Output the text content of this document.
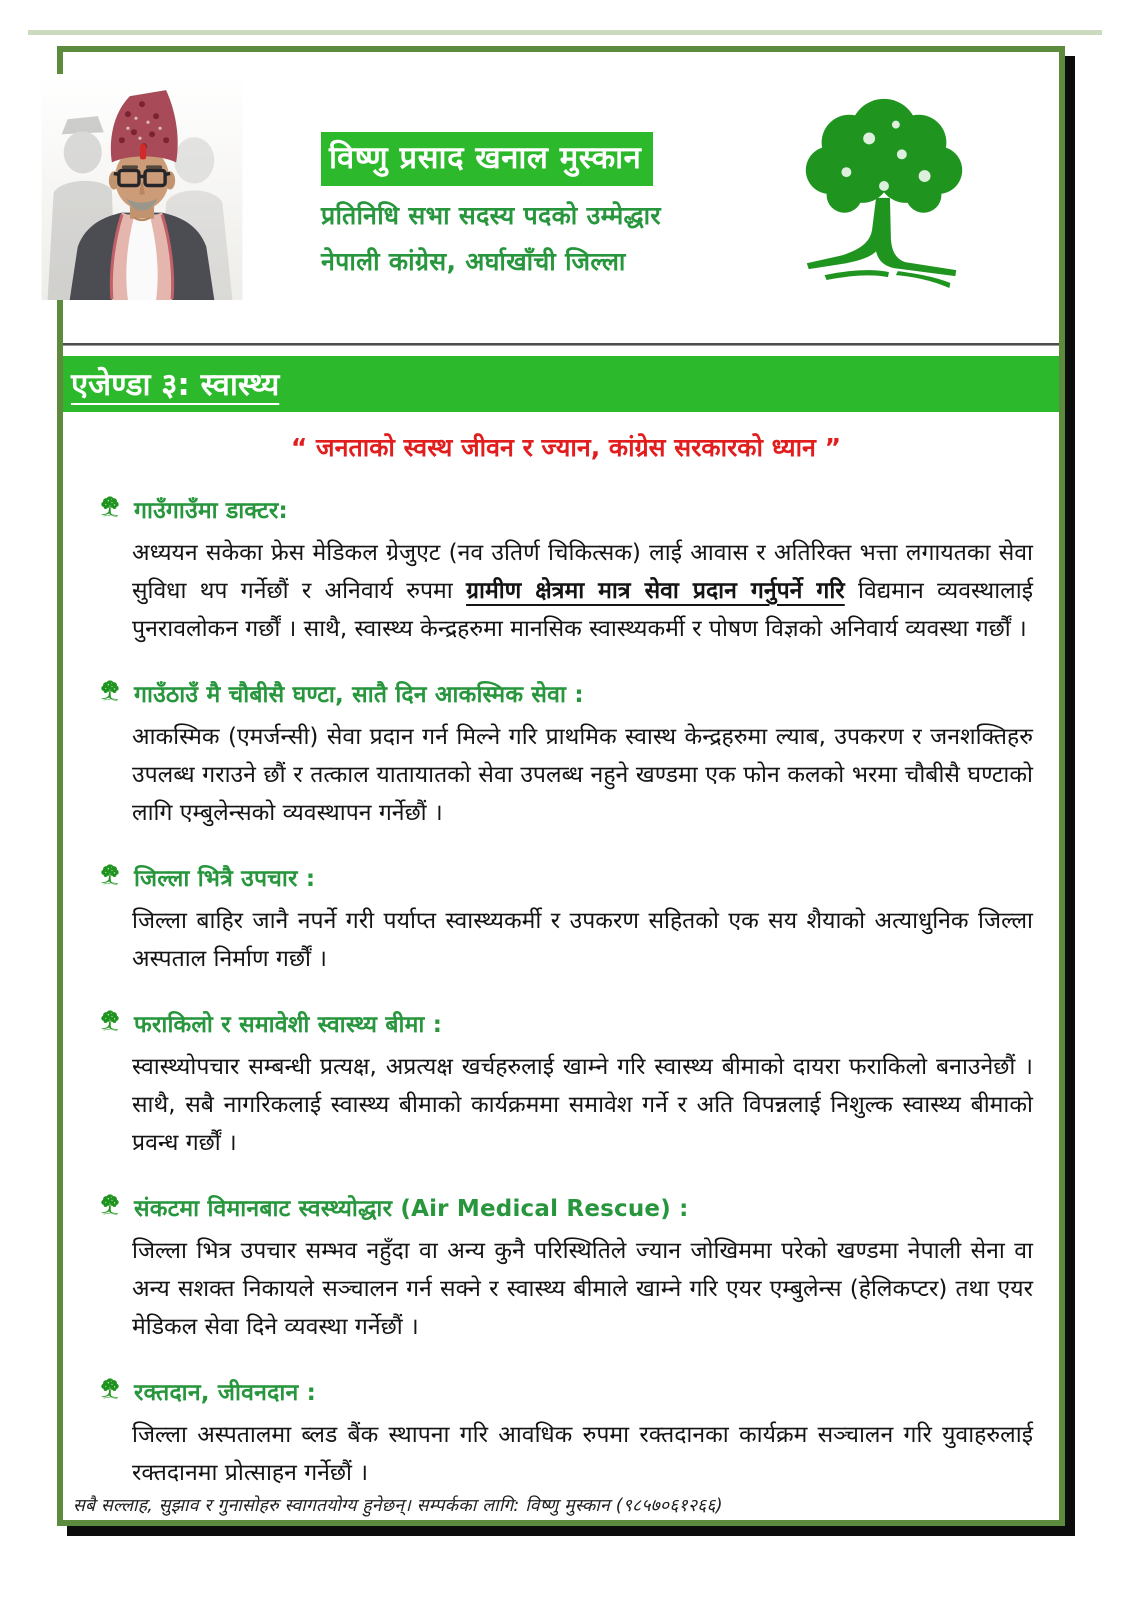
विष्णु प्रसाद खनाल मुस्कान
प्रतिनिधि सभा सदस्य पदको उम्मेद्धार
नेपाली कांग्रेस, अर्घाखाँची जिल्ला
एजेण्डा ३: स्वास्थ्य
“ जनताको स्वस्थ जीवन र ज्यान, कांग्रेस सरकारको ध्यान ”
गाउँगाउँमा डाक्टर:
अध्ययन सकेका फ्रेस मेडिकल ग्रेजुएट (नव उतिर्ण चिकित्सक) लाई आवास र अतिरिक्त भत्ता लगायतका सेवा सुविधा थप गर्नेछौं र अनिवार्य रुपमा ग्रामीण क्षेत्रमा मात्र सेवा प्रदान गर्नुपर्ने गरि विद्यमान व्यवस्थालाई पुनरावलोकन गर्छौं । साथै, स्वास्थ्य केन्द्रहरुमा मानसिक स्वास्थ्यकर्मी र पोषण विज्ञको अनिवार्य व्यवस्था गर्छौं ।
गाउँठाउँ मै चौबीसै घण्टा, सातै दिन आकस्मिक सेवा :
आकस्मिक (एमर्जन्सी) सेवा प्रदान गर्न मिल्ने गरि प्राथमिक स्वास्थ केन्द्रहरुमा ल्याब, उपकरण र जनशक्तिहरु उपलब्ध गराउने छौं र तत्काल यातायातको सेवा उपलब्ध नहुने खण्डमा एक फोन कलको भरमा चौबीसै घण्टाको लागि एम्बुलेन्सको व्यवस्थापन गर्नेछौं ।
जिल्ला भित्रै उपचार :
जिल्ला बाहिर जानै नपर्ने गरी पर्याप्त स्वास्थ्यकर्मी र उपकरण सहितको एक सय शैयाको अत्याधुनिक जिल्ला अस्पताल निर्माण गर्छौं ।
फराकिलो र समावेशी स्वास्थ्य बीमा :
स्वास्थ्योपचार सम्बन्धी प्रत्यक्ष, अप्रत्यक्ष खर्चहरुलाई खाम्ने गरि स्वास्थ्य बीमाको दायरा फराकिलो बनाउनेछौं । साथै, सबै नागरिकलाई स्वास्थ्य बीमाको कार्यक्रममा समावेश गर्ने र अति विपन्नलाई निशुल्क स्वास्थ्य बीमाको प्रवन्ध गर्छौं ।
संकटमा विमानबाट स्वस्थ्योद्धार (Air Medical Rescue) :
जिल्ला भित्र उपचार सम्भव नहुँदा वा अन्य कुनै परिस्थितिले ज्यान जोखिममा परेको खण्डमा नेपाली सेना वा अन्य सशक्त निकायले सञ्चालन गर्न सक्ने र स्वास्थ्य बीमाले खाम्ने गरि एयर एम्बुलेन्स (हेलिकप्टर) तथा एयर मेडिकल सेवा दिने व्यवस्था गर्नेछौं ।
रक्तदान, जीवनदान :
जिल्ला अस्पतालमा ब्लड बैंक स्थापना गरि आवधिक रुपमा रक्तदानका कार्यक्रम सञ्चालन गरि युवाहरुलाई रक्तदानमा प्रोत्साहन गर्नेछौं ।
सबै सल्लाह, सुझाव र गुनासोहरु स्वागतयोग्य हुनेछन्। सम्पर्कका लागि: विष्णु मुस्कान (९८५७०६१२६६)
